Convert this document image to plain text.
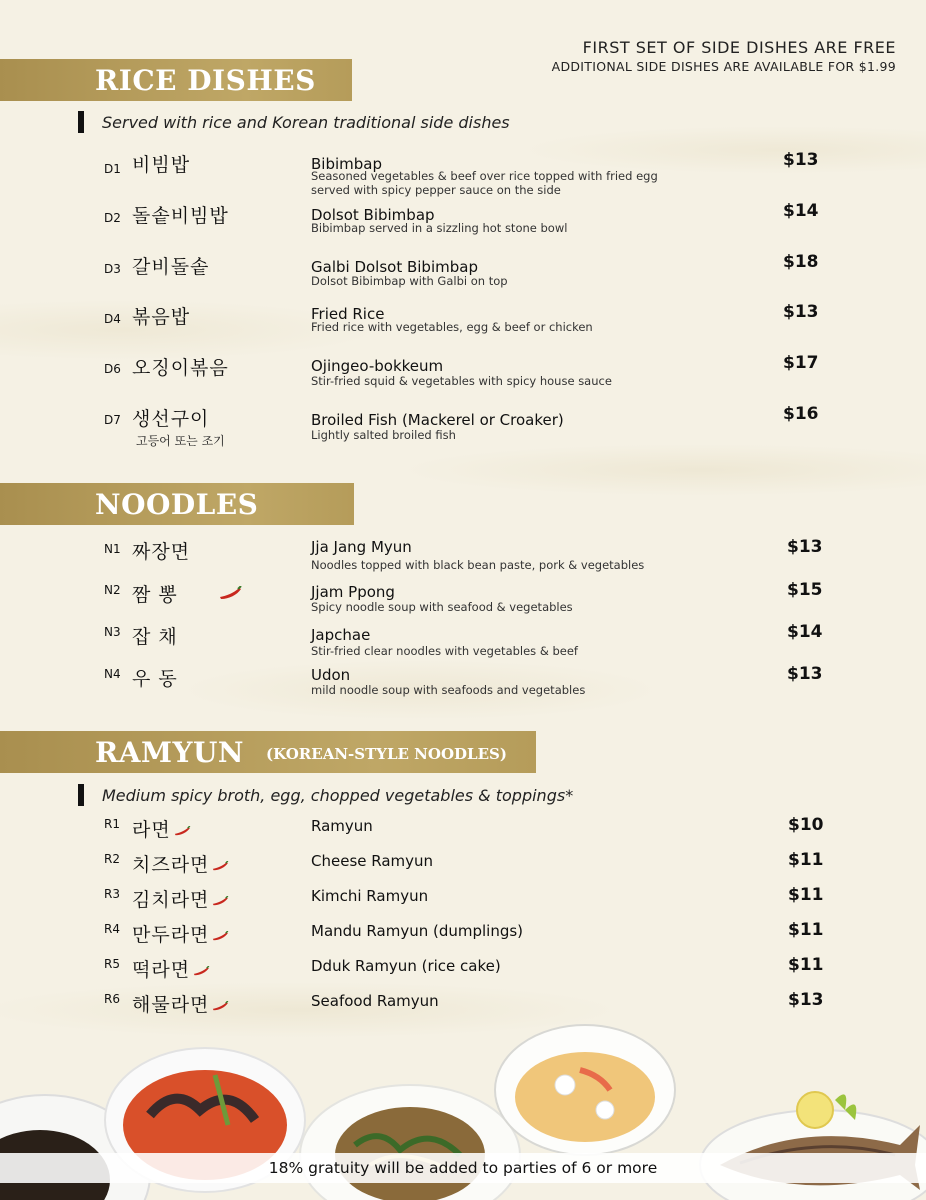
FIRST SET OF SIDE DISHES ARE FREE
ADDITIONAL SIDE DISHES ARE AVAILABLE FOR $1.99
RICE DISHES
Served with rice and Korean traditional side dishes
D1 비빔밥	Bibimbap
Seasoned vegetables & beef over rice topped with fried egg served with spicy pepper sauce on the side
$13
D2 돌솥비빔밥	Dolsot Bibimbap
Bibimbap served in a sizzling hot stone bowl
$14
D3 갈비돌솥	Galbi Dolsot Bibimbap
Dolsot Bibimbap with Galbi on top
$18
D4 볶음밥	Fried Rice
Fried rice with vegetables, egg & beef or chicken
$13
D6 오징이볶음	Ojingeo-bokkeum
Stir-fried squid & vegetables with spicy house sauce
$17
D7 생선구이
고등어 또는 조기
Broiled Fish (Mackerel or Croaker)
Lightly salted broiled fish
$16
NOODLES
N1 짜장면	Jja Jang Myun
Noodles topped with black bean paste, pork & vegetables
$13
N2 짬 뽕	Jjam Ppong
Spicy noodle soup with seafood & vegetables
$15
N3 잡 채	Japchae
Stir-fried clear noodles with vegetables & beef
$14
N4 우 동	Udon
mild noodle soup with seafoods and vegetables
$13
RAMYUN (KOREAN-STYLE NOODLES)
Medium spicy broth, egg, chopped vegetables & toppings*
R1 라면	Ramyun	$10
R2 치즈라면	Cheese Ramyun	$11
R3 김치라면	Kimchi Ramyun	$11
R4 만두라면	Mandu Ramyun (dumplings)	$11
R5 떡라면	Dduk Ramyun (rice cake)	$11
R6 해물라면	Seafood Ramyun	$13
18% gratuity will be added to parties of 6 or more
